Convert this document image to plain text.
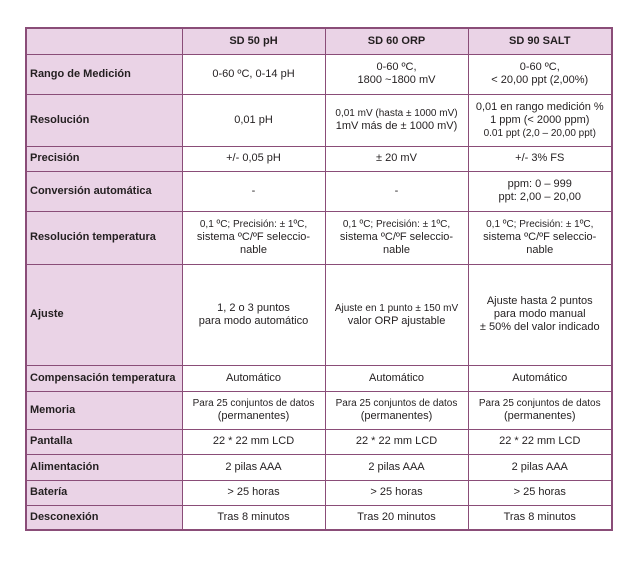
	SD 50 pH	SD 60 ORP	SD 90 SALT
Rango de Medición	0-60 ºC, 0-14 pH	0-60 ºC,
1800 ~1800 mV	0-60 ºC,
< 20,00 ppt (2,00%)

Resolución	0,01 pH	0,01 mV (hasta ± 1000 mV)
1mV más de ± 1000 mV)	0,01 en rango medición %
1 ppm (< 2000 ppm)
0.01 ppt (2,0 – 20,00 ppt)

Precisión	+/- 0,05 pH	± 20 mV	+/- 3% FS

Conversión automática	-	-	ppm: 0 – 999
ppt: 2,00 – 20,00

Resolución temperatura	0,1 ºC; Precisión: ± 1ºC,
sistema ºC/ºF seleccio-
nable	0,1 ºC; Precisión: ± 1ºC,
sistema ºC/ºF seleccio-
nable	0,1 ºC; Precisión: ± 1ºC,
sistema ºC/ºF seleccio-
nable

Ajuste	1, 2 o 3 puntos
para modo automático	Ajuste en 1 punto ± 150 mV
valor ORP ajustable	Ajuste hasta 2 puntos
para modo manual
± 50% del valor indicado

Compensación temperatura	Automático	Automático	Automático

Memoria	Para 25 conjuntos de datos
(permanentes)	Para 25 conjuntos de datos
(permanentes)	Para 25 conjuntos de datos
(permanentes)

Pantalla	22 * 22 mm LCD	22 * 22 mm LCD	22 * 22 mm LCD

Alimentación	2 pilas AAA	2 pilas AAA	2 pilas AAA

Batería	> 25 horas	> 25 horas	> 25 horas

Desconexión	Tras 8 minutos	Tras 20 minutos	Tras 8 minutos
